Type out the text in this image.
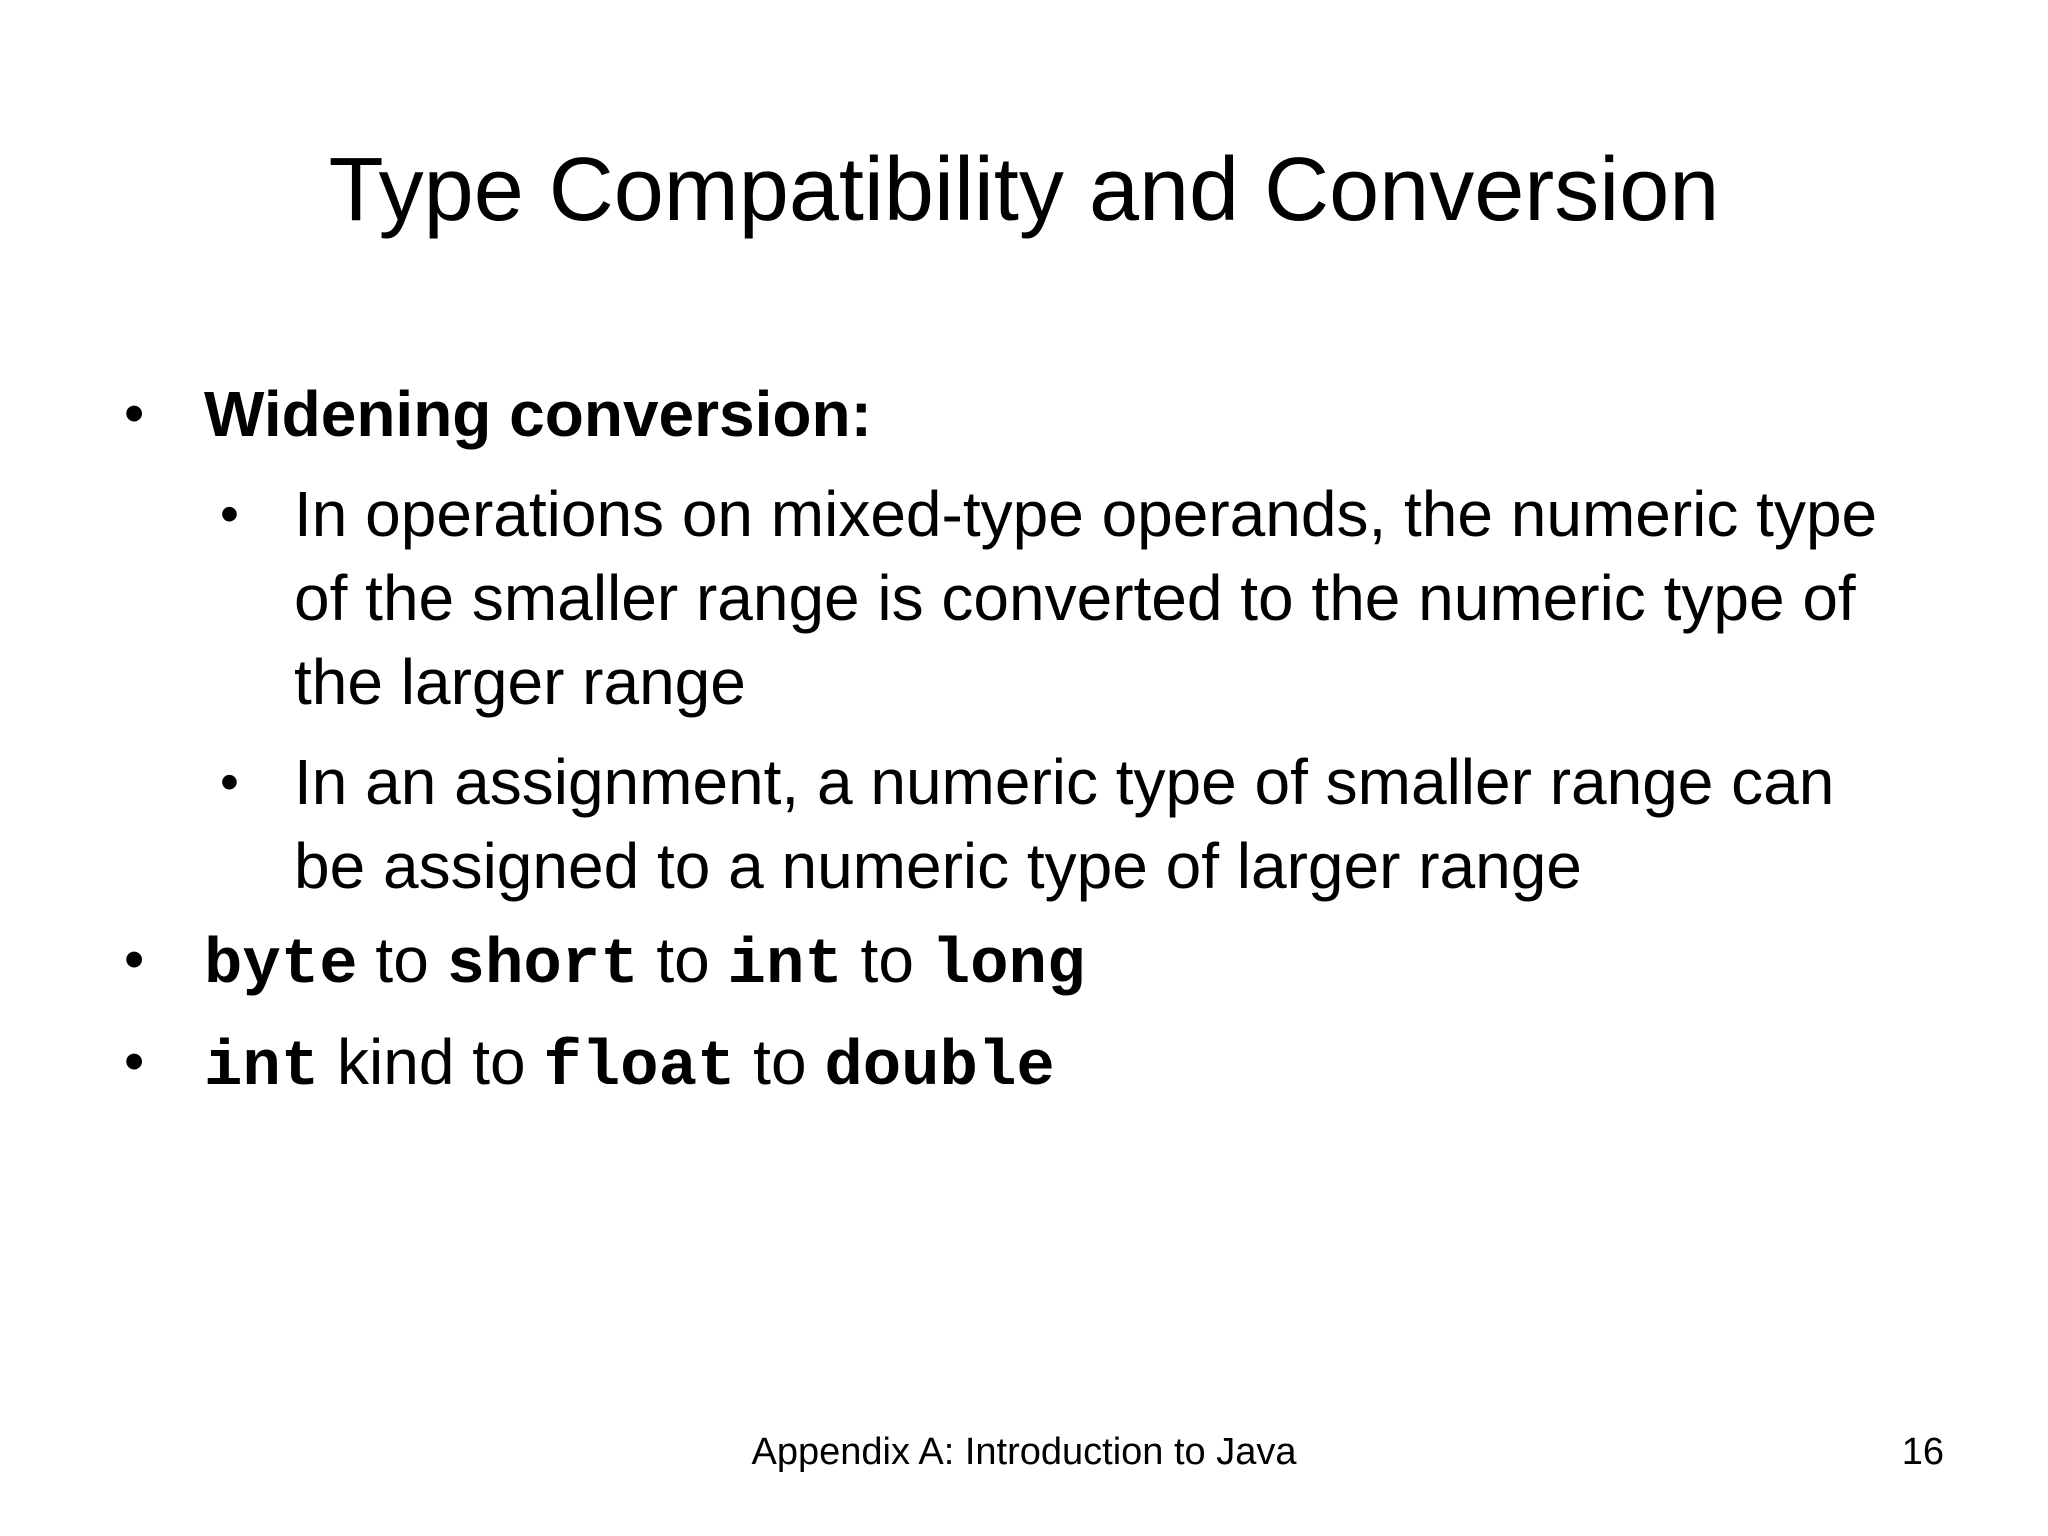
Type Compatibility and Conversion
• Widening conversion:
• In operations on mixed-type operands, the numeric type of the smaller range is converted to the numeric type of the larger range
• In an assignment, a numeric type of smaller range can be assigned to a numeric type of larger range
• byte to short to int to long
• int kind to float to double
Appendix A: Introduction to Java	16
